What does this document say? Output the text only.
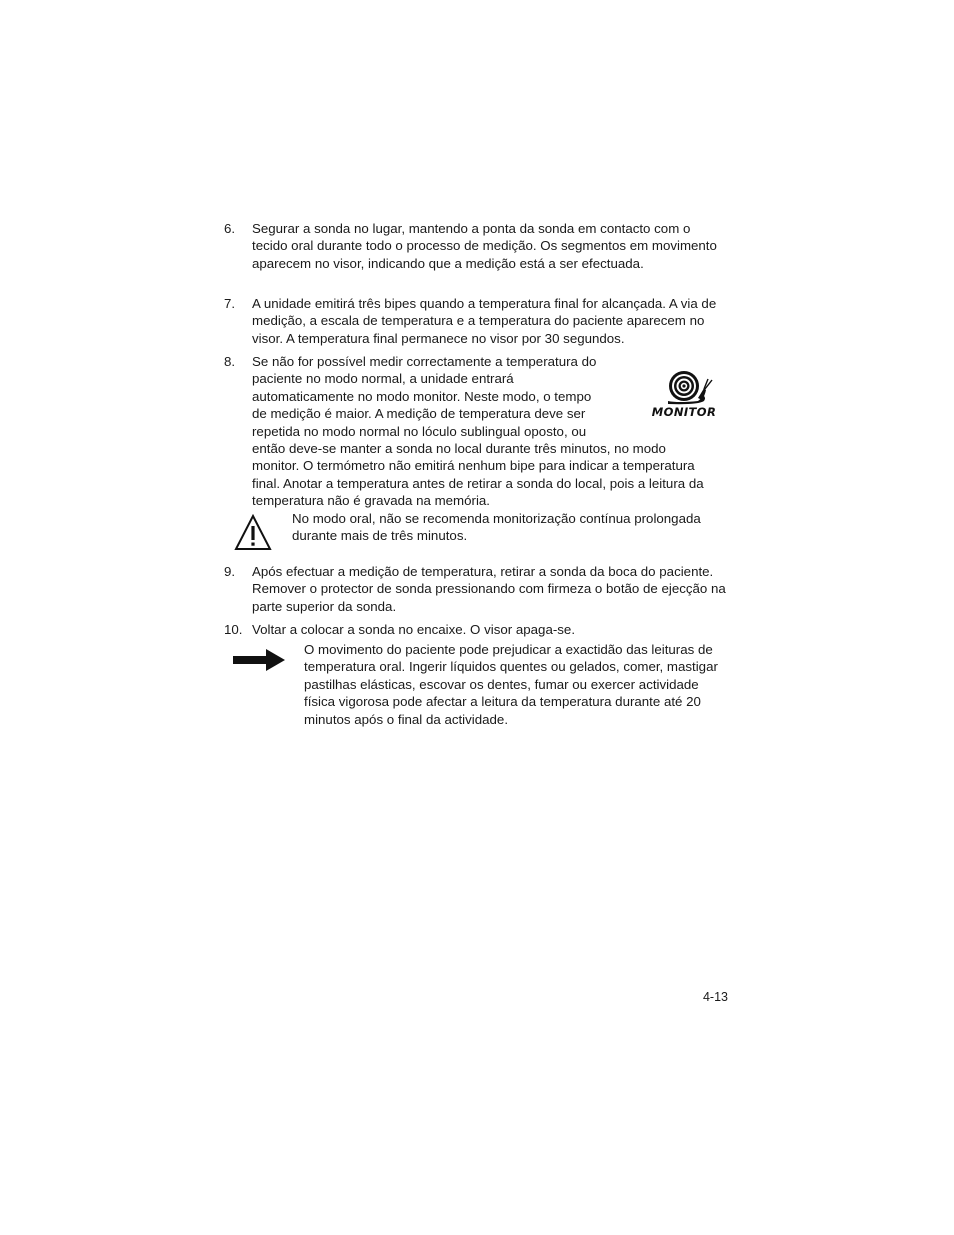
6.	Segurar a sonda no lugar, mantendo a ponta da sonda em contacto com o tecido oral durante todo o processo de medição. Os segmentos em movimento aparecem no visor, indicando que a medição está a ser efectuada.

7.	A unidade emitirá três bipes quando a temperatura final for alcançada. A via de medição, a escala de temperatura e a temperatura do paciente aparecem no visor. A temperatura final permanece no visor por 30 segundos.

8.	Se não for possível medir correctamente a temperatura do
paciente no modo normal, a unidade entrará
automaticamente no modo monitor. Neste modo, o tempo
de medição é maior. A medição de temperatura deve ser
repetida no modo normal no lóculo sublingual oposto, ou
então deve-se manter a sonda no local durante três minutos, no modo
monitor. O termómetro não emitirá nenhum bipe para indicar a temperatura
final. Anotar a temperatura antes de retirar a sonda do local, pois a leitura da
temperatura não é gravada na memória.
MONITOR
No modo oral, não se recomenda monitorização contínua prolongada durante mais de três minutos.
9.	Após efectuar a medição de temperatura, retirar a sonda da boca do paciente. Remover o protector de sonda pressionando com firmeza o botão de ejecção na parte superior da sonda.

10. Voltar a colocar a sonda no encaixe. O visor apaga-se.

O movimento do paciente pode prejudicar a exactidão das leituras de temperatura oral. Ingerir líquidos quentes ou gelados, comer, mastigar pastilhas elásticas, escovar os dentes, fumar ou exercer actividade física vigorosa pode afectar a leitura da temperatura durante até 20 minutos após o final da actividade.
4-13
